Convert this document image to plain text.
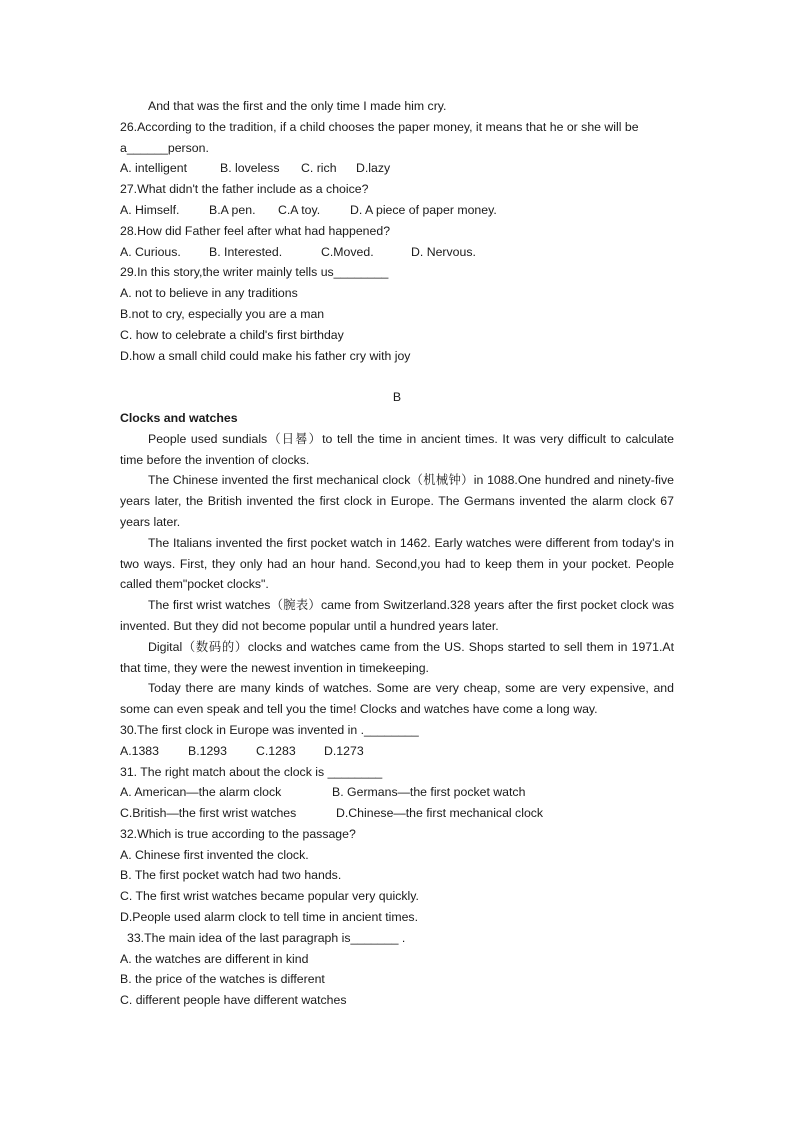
And that was the first and the only time I made him cry.
26.According to the tradition, if a child chooses the paper money, it means that he or she will be
a______person.
A. intelligent	B. loveless C. rich D.lazy
27.What didn't the father include as a choice?
A. Himself. B.A pen. C.A toy. D. A piece of paper money.
28.How did Father feel after what had happened?
A. Curious. B. Interested.	C.Moved.	D. Nervous.
29.In this story,the writer mainly tells us________
A. not to believe in any traditions
B.not to cry, especially you are a man
C. how to celebrate a child's first birthday
D.how a small child could make his father cry with joy
B
Clocks and watches
People used sundials（日晷）to tell the time in ancient times. It was very difficult to calculate time before the invention of clocks.
The Chinese invented the first mechanical clock（机械钟）in 1088.One hundred and ninety-five years later, the British invented the first clock in Europe. The Germans invented the alarm clock 67 years later.
The Italians invented the first pocket watch in 1462. Early watches were different from today's in two ways. First, they only had an hour hand. Second,you had to keep them in your pocket. People called them"pocket clocks".
The first wrist watches（腕表）came from Switzerland.328 years after the first pocket clock was invented. But they did not become popular until a hundred years later.
Digital（数码的）clocks and watches came from the US. Shops started to sell them in 1971.At that time, they were the newest invention in timekeeping.
Today there are many kinds of watches. Some are very cheap, some are very expensive, and some can even speak and tell you the time! Clocks and watches have come a long way.
30.The first clock in Europe was invented in .________
A.1383 B.1293 C.1283 D.1273
31. The right match about the clock is ________
A. American—the alarm clock	B. Germans—the first pocket watch
C.British—the first wrist watches	D.Chinese—the first mechanical clock
32.Which is true according to the passage?
A. Chinese first invented the clock.
B. The first pocket watch had two hands.
C. The first wrist watches became popular very quickly.
D.People used alarm clock to tell time in ancient times.
33.The main idea of the last paragraph is_______ .
A. the watches are different in kind
B. the price of the watches is different
C. different people have different watches
